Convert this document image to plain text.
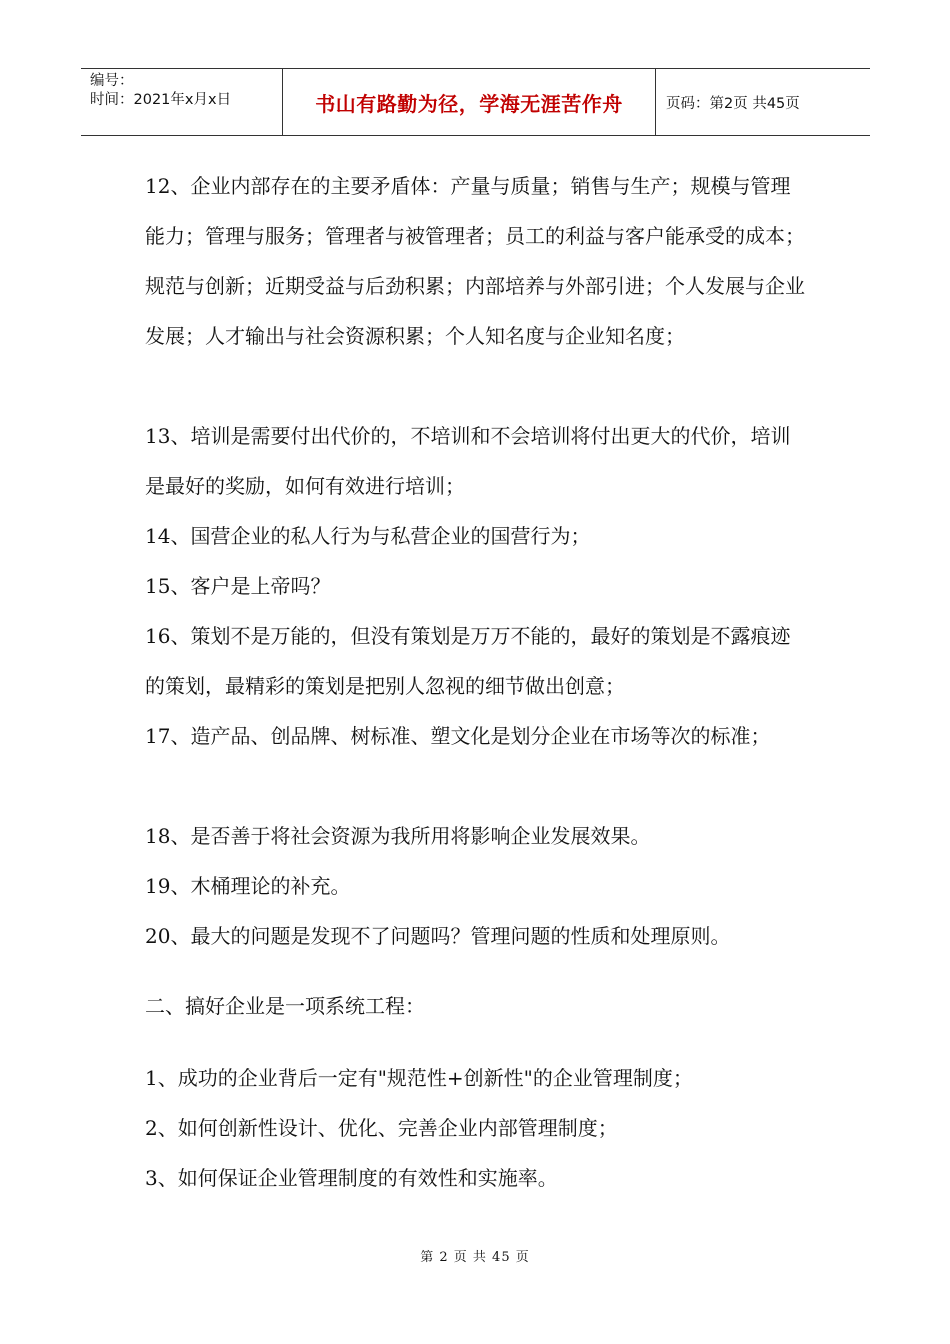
编号：
时间：2021年x月x日	书山有路勤为径，学海无涯苦作舟	页码：第2页 共45页

12、企业内部存在的主要矛盾体：产量与质量；销售与生产；规模与管理能力；管理与服务；管理者与被管理者；员工的利益与客户能承受的成本；规范与创新；近期受益与后劲积累；内部培养与外部引进；个人发展与企业发展；人才输出与社会资源积累；个人知名度与企业知名度；

13、培训是需要付出代价的，不培训和不会培训将付出更大的代价，培训是最好的奖励，如何有效进行培训；

14、国营企业的私人行为与私营企业的国营行为；

15、客户是上帝吗？

16、策划不是万能的，但没有策划是万万不能的，最好的策划是不露痕迹的策划，最精彩的策划是把别人忽视的细节做出创意；

17、造产品、创品牌、树标准、塑文化是划分企业在市场等次的标准；

18、是否善于将社会资源为我所用将影响企业发展效果。

19、木桶理论的补充。

20、最大的问题是发现不了问题吗？管理问题的性质和处理原则。

二、搞好企业是一项系统工程：

1、成功的企业背后一定有"规范性+创新性"的企业管理制度；

2、如何创新性设计、优化、完善企业内部管理制度；

3、如何保证企业管理制度的有效性和实施率。

第 2 页 共 45 页
